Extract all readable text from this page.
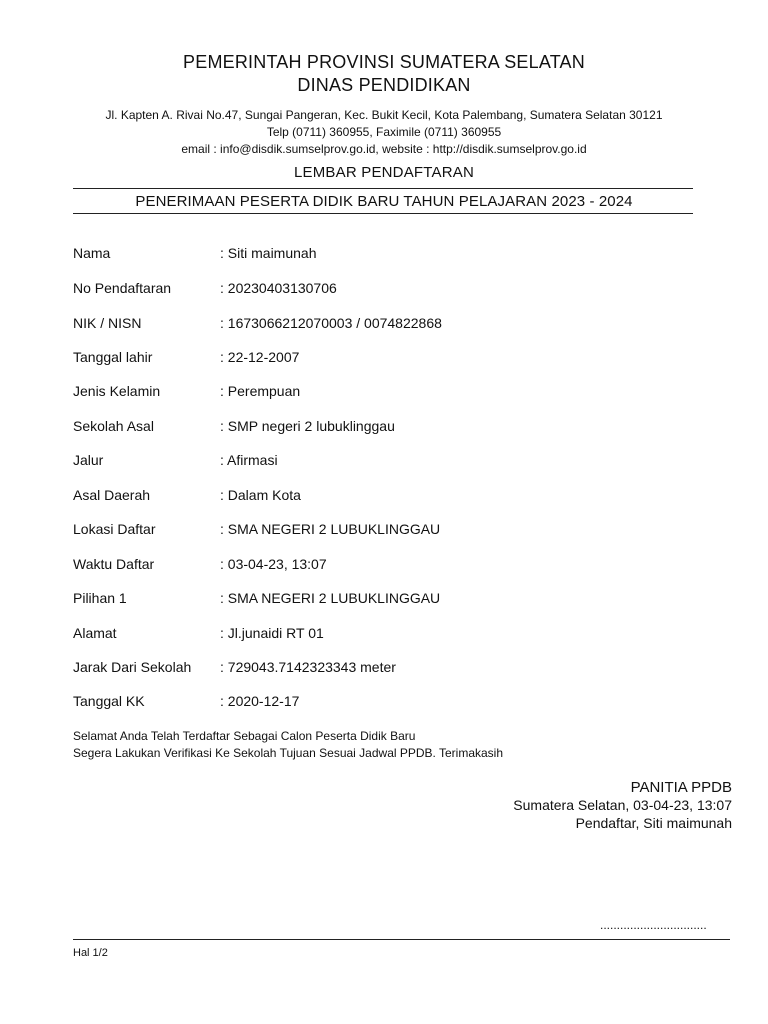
PEMERINTAH PROVINSI SUMATERA SELATAN
DINAS PENDIDIKAN
Jl. Kapten A. Rivai No.47, Sungai Pangeran, Kec. Bukit Kecil, Kota Palembang, Sumatera Selatan 30121
Telp (0711) 360955, Faximile (0711) 360955
email : info@disdik.sumselprov.go.id, website : http://disdik.sumselprov.go.id
LEMBAR PENDAFTARAN
PENERIMAAN PESERTA DIDIK BARU TAHUN PELAJARAN 2023 - 2024
Nama	: Siti maimunah
No Pendaftaran	: 20230403130706
NIK / NISN	: 1673066212070003 / 0074822868
Tanggal lahir	: 22-12-2007
Jenis Kelamin	: Perempuan
Sekolah Asal	: SMP negeri 2 lubuklinggau
Jalur	: Afirmasi
Asal Daerah	: Dalam Kota
Lokasi Daftar	: SMA NEGERI 2 LUBUKLINGGAU
Waktu Daftar	: 03-04-23, 13:07
Pilihan 1	: SMA NEGERI 2 LUBUKLINGGAU
Alamat	: Jl.junaidi RT 01
Jarak Dari Sekolah : 729043.7142323343 meter
Tanggal KK	: 2020-12-17
Selamat Anda Telah Terdaftar Sebagai Calon Peserta Didik Baru
Segera Lakukan Verifikasi Ke Sekolah Tujuan Sesuai Jadwal PPDB. Terimakasih
PANITIA PPDB
Sumatera Selatan, 03-04-23, 13:07
Pendaftar, Siti maimunah
................................
Hal 1/2
